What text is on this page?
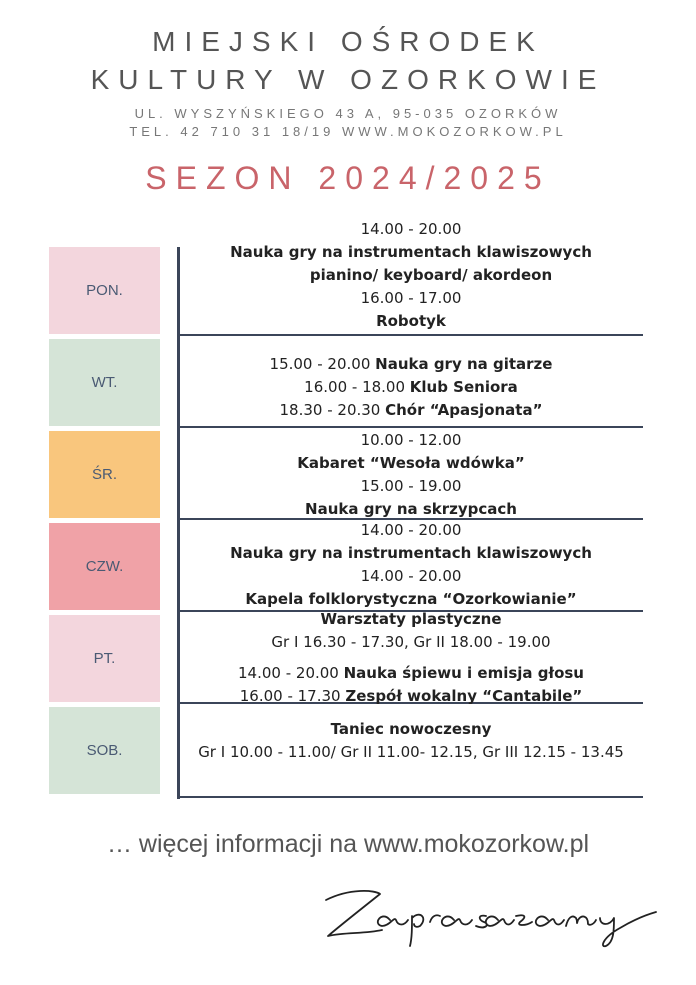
MIEJSKI OŚRODEK
KULTURY W OZORKOWIE
UL. WYSZYŃSKIEGO 43 A, 95-035 OZORKÓW
TEL. 42 710 31 18/19 WWW.MOKOZORKOW.PL
SEZON 2024/2025
PON.
WT.
ŚR.
CZW.
PT.
SOB.
14.00 - 20.00
Nauka gry na instrumentach klawiszowych
pianino/ keyboard/ akordeon
16.00 - 17.00
Robotyk
15.00 - 20.00 Nauka gry na gitarze
16.00 - 18.00 Klub Seniora
18.30 - 20.30 Chór “Apasjonata”
10.00 - 12.00
Kabaret “Wesoła wdówka”
15.00 - 19.00
Nauka gry na skrzypcach
14.00 - 20.00
Nauka gry na instrumentach klawiszowych
14.00 - 20.00
Kapela folklorystyczna “Ozorkowianie”
Warsztaty plastyczne
Gr I 16.30 - 17.30, Gr II 18.00 - 19.00
14.00 - 20.00 Nauka śpiewu i emisja głosu
16.00 - 17.30 Zespół wokalny “Cantabile”
Taniec nowoczesny
Gr I 10.00 - 11.00/ Gr II 11.00- 12.15, Gr III 12.15 - 13.45
… więcej informacji na www.mokozorkow.pl
